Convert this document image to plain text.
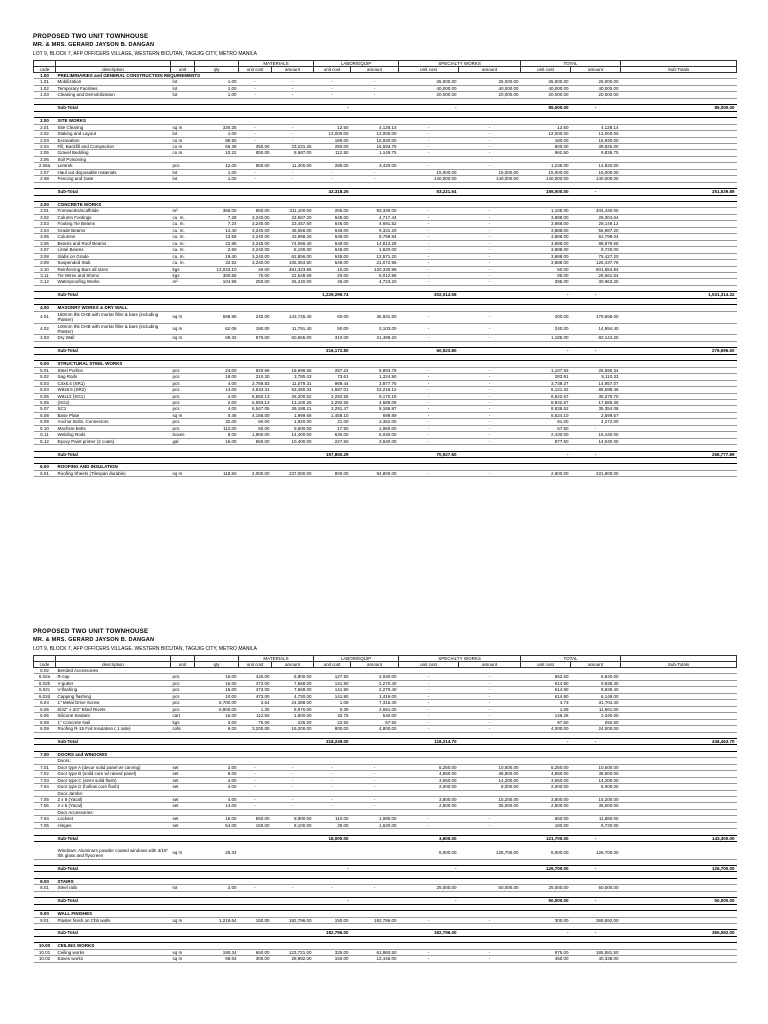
PROPOSED TWO UNIT TOWNHOUSE
MR. & MRS. GERARD JAYSON B. DANGAN
LOT 9, BLOCK 7, AFP OFFICERS VILLAGE, WESTERN BICUTAN, TAGUIG CITY, METRO MANILA
				MATERIALS		LABOR/EQUIP		SPECIALTY WORKS		TOTAL		
code	description	unit	qty	unit cost	amount	unit cost	amount	unit cost	amount	unit cost	amount	Sub-Totals
1.00	PRELIMINARIES and GENERAL CONSTRUCTION REQUIREMENTS											
1.01	Mobilization	lot	1.00	-	-	-	-	25,000.00	25,000.00	25,000.00	25,000.00	
1.02	Temporary Facilities	lot	1.00	-	-	-	-	40,000.00	40,000.00	40,000.00	40,000.00	
1.03	Cleaning and Demobilization	lot	1.00	-	-	-	-	20,000.00	20,000.00	20,000.00	20,000.00	

	Sub-Total					-		-		85,000.00	-	85,000.00

2.00	SITE WORKS											
2.01	Site Clearing	sq m	330.25	-	-	12.50	4,128.14	-	-	12.50	4,128.14	
2.02	Staking and Layout	lot	1.00	-	-	12,000.00	12,000.00	-	-	12,000.00	12,000.00	
2.03	Excavation	cu m	88.50	-	-	180.00	15,930.00	-	-	180.00	15,930.00	
2.04	Fill, Backfill and Compaction	cu m	66.38	350.00	23,231.25	250.00	16,593.75	-	-	600.00	39,825.00	
2.05	Gravel Bedding	cu m	10.22	850.00	8,687.00	112.50	1,149.75	-	-	962.50	9,836.75	
2.06	Soil Poisoning											
2.06a	Lentrek	pcs	12.00	950.00	11,400.00	285.00	3,420.00	-	-	1,235.00	14,820.00	
2.07	Haul out disposable materials	lot	1.00	-	-	-	-	15,000.00	15,000.00	15,000.00	15,000.00	
2.08	Fencing and Gate	lot	1.00	-	-	-	-	140,000.00	140,000.00	140,000.00	140,000.00	

	Sub-Total					43,318.25		53,221.64		155,000.00	-	251,539.89

3.00	CONCRETE WORKS											
3.01	Formworks/scaffolds	m²	366.00	850.00	311,100.00	255.00	93,330.00	-	-	1,105.00	404,430.00	
3.02	Column Footings	cu. m.	7.28	3,240.00	23,587.20	648.00	4,717.44	-	-	3,888.00	28,304.64	
3.03	Footing Tie Beams	cu. m.	7.24	3,240.00	23,457.60	648.00	4,691.52	-	-	3,888.00	28,149.12	
3.04	Grade Beams	cu. m.	14.40	3,240.00	46,656.00	648.00	9,331.20	-	-	3,888.00	55,987.20	
3.05	Columns	cu. m.	13.58	3,240.00	43,999.20	648.00	8,799.84	-	-	3,888.00	52,799.04	
3.06	Beams and Roof Beams	cu. m.	22.86	3,240.00	74,066.40	648.00	14,813.28	-	-	3,888.00	88,879.68	
3.07	Lintel Beams	cu. m.	2.50	3,240.00	8,100.00	648.00	1,620.00	-	-	3,888.00	9,720.00	
3.08	Slabs on Grade	cu. m.	19.40	3,240.00	62,856.00	648.00	12,571.20	-	-	3,888.00	75,427.20	
3.09	Suspended Slab	cu. m.	32.52	3,240.00	105,364.80	648.00	21,072.96	-	-	3,888.00	126,437.76	
3.10	Reinforcing Bars all sizes	kgs	12,033.10	40.00	481,323.95	10.00	120,330.99	-	-	50.00	601,654.94	
3.11	Tie Wires and Shims	kgs	300.65	75.00	22,548.59	20.00	6,012.96	-	-	95.00	28,561.54	
3.12	Waterproofing Works	m²	104.96	250.00	26,240.00	45.00	4,723.20	-	-	295.00	30,963.20	

	Sub-Total					1,229,299.74		302,014.58		-	-	1,531,314.32

4.00	MASONRY WORKS & DRY WALL											
4.01	150mm thk CHB with mortar filler & bars (including Plaster)	sq m	598.86	240.00	143,726.40	60.00	35,931.60	-	-	300.00	179,658.00	
4.02	100mm thk CHB with mortar filler & bars (including Plaster)	sq m	62.06	190.00	11,791.40	50.00	3,103.00	-	-	240.00	14,894.40	
4.03	Dry Wall	sq m	69.32	875.00	60,655.00	310.00	21,489.20	-	-	1,185.00	82,144.20	

	Sub-Total					216,172.80		60,523.80		-	-	276,696.60

5.00	STRUCTURAL STEEL WORKS											
5.01	Steel Purlins	pcs	24.00	820.69	19,696.55	287.24	6,893.79	-	-	1,107.93	26,590.34	
5.02	Sag Rods	pcs	18.00	210.30	3,785.43	73.61	1,324.90	-	-	283.91	5,110.33	
5.03	C4x5.4 (SR1)	pcs	4.00	2,769.83	11,079.31	969.44	3,877.76	-	-	3,739.27	14,957.07	
5.04	W6x8.5 (SR2)	pcs	14.00	4,534.31	63,480.34	1,587.01	22,218.12	-	-	6,121.32	85,698.46	
5.05	W8x12 (SG1)	pcs	4.00	6,550.13	26,200.52	2,292.55	9,170.18	-	-	8,842.67	35,370.70	
5.06	(SG2)	pcs	2.00	6,550.13	13,100.26	2,292.55	4,585.09	-	-	8,842.67	17,685.35	
5.07	SC1	pcs	4.00	6,547.05	26,188.21	2,291.47	9,165.87	-	-	8,838.52	35,354.08	
5.08	Base Plate	sq m	0.48	4,166.00	1,999.68	1,458.10	699.89	-	-	5,624.10	2,699.57	
5.09	Anchor Bolts, Connectors	pcs	32.00	60.00	1,920.00	21.00	2,352.00	-	-	81.00	4,272.00	
5.10	Machine Bolts	pcs	112.00	50.00	5,600.00	17.50	1,960.00	-	-	67.50	-	
5.11	Welding Rods	boxes	8.00	1,800.00	14,400.00	630.00	5,040.00	-	-	2,430.00	19,440.00	
5.12	Epoxy Paint primer (2 coats)	gal	16.00	650.00	10,400.00	227.50	3,640.00	-	-	877.50	14,040.00	

	Sub-Total					197,850.29		70,927.60		-	-	268,777.89

6.00	ROOFING AND INSULATION											
6.01	Roofing Sheets (Tilespan durable)	sq m	118.50	2,000.00	237,000.00	800.00	94,800.00	-	-	2,800.00	331,800.00	
PROPOSED TWO UNIT TOWNHOUSE
MR. & MRS. GERARD JAYSON B. DANGAN
LOT 9, BLOCK 7, AFP OFFICERS VILLAGE, WESTERN BICUTAN, TAGUIG CITY, METRO MANILA
				MATERIALS		LABOR/EQUIP		SPECIALTY WORKS		TOTAL		
code	description	unit	qty	unit cost	amount	unit cost	amount	unit cost	amount	unit cost	amount	Sub-Totals
6.02	Bended Accessories											
6.02a	R-cap	pcs	16.00	425.00	6,800.00	127.50	2,040.00	-	-	552.50	8,840.00	
6.02b	V-gutter	pcs	16.00	473.00	7,568.00	141.90	2,270.40	-	-	614.90	9,838.40	
6.02c	V-flashing	pcs	16.00	473.00	7,568.00	141.90	2,270.40	-	-	614.90	9,838.40	
6.02d	Capping flashing	pcs	10.00	473.00	4,730.00	141.90	1,419.00	-	-	614.90	6,149.00	
6.04	1" Metal Drive Screw	pcs	6,700.00	3.64	24,388.00	1.09	7,316.40	-	-	4.73	31,704.40	
6.05	6/32" x 3/4" Blind Rivets	pcs	6,900.00	1.30	8,970.00	0.39	2,691.00	-	-	1.69	11,661.00	
6.06	Silicone Sealant	cart	16.00	112.50	1,800.00	33.75	540.00	-	-	146.25	2,340.00	
6.08	1" Concrete Nail	kgs	3.00	75.00	225.00	22.50	67.50	-	-	97.50	292.50	
6.09	Roofing R-15 Foil Insulation ( 1 side)	rolls	6.00	3,200.00	19,200.00	800.00	4,800.00	-	-	4,000.00	24,000.00	

	Sub-Total					318,249.00		118,214.70		-	-	436,463.70

7.00	DOORS and WINDOWS											
	Doors:											
7.01	Door type A (decor solid panel w/ carving)	set	2.00	-	-	-	-	5,250.00	10,500.00	5,250.00	10,500.00	
7.02	Door type B (solid core w/ raised panel)	set	8.00	-	-	-	-	4,850.00	38,800.00	4,850.00	38,800.00	
7.03	Door type C (semi solid flush)	set	4.00	-	-	-	-	3,550.00	14,200.00	3,550.00	14,200.00	
7.04	Door type D (hollow core flush)	set	4.00	-	-	-	-	2,000.00	8,000.00	2,000.00	8,000.00	
	Door Jambs:											
7.05	2 x 8 (Yacal)	set	4.00	-	-	-	-	3,800.00	15,200.00	3,800.00	15,200.00	
7.06	2 x 6 (Yacal)	set	14.00	-	-	-	-	2,500.00	35,000.00	2,500.00	35,000.00	
	Door Accessories:											
7.04	Lockset	set	18.00	550.00	9,900.00	110.00	1,980.00	-	-	660.00	11,880.00	
7.05	Hinges	set	54.00	150.00	8,100.00	30.00	1,620.00	-	-	180.00	9,720.00	

	Sub-Total					18,000.00		3,600.00		121,700.00	-	143,300.00

	Windows: Aluminum powder coated windows with 3/16" thk glass and flyscreen	sq m	25.34					5,000.00	126,700.00	5,000.00	126,700.00	

	Sub-Total					-		-		126,700.00	-	126,700.00

8.00	STAIRS											
8.01	Steel rails	lot	2.00	-	-	-	-	25,000.00	50,000.00	25,000.00	50,000.00	

	Sub-Total					-		-		50,000.00	-	50,000.00

9.00	WALL FINISHES											
9.01	Plaster finish on Chb walls	sq m	1,218.64	150.00	182,796.00	150.00	182,796.00	-	-	300.00	365,592.00	

	Sub-Total					182,796.00		182,796.00		-	-	365,592.00

10.00	CEILING WORKS											
10.01	Ceiling works	sq m	190.34	650.00	123,721.00	325.00	61,860.50	-	-	975.00	185,581.50	
10.02	Eaves works	sq m	89.64	300.00	26,892.00	150.00	13,446.00	-	-	450.00	40,338.00	
